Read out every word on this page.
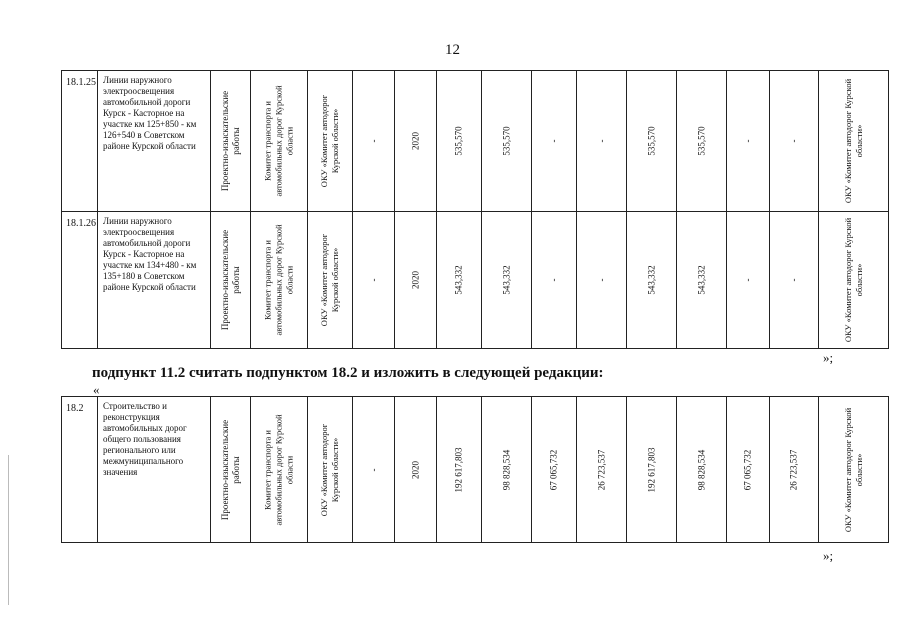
12
18.1.25	Линии наружного электроосвещения автомобильной дороги Курск - Касторное на участке км 125+850 - км 126+540 в Советском районе Курской области	Проектно-изыскательские работы	Комитет транспорта и автомобильных дорог Курской области	ОКУ «Комитет автодорог Курской области»	-	2020	535,570	535,570	-	-	535,570	535,570	-	-	ОКУ «Комитет автодорог Курской области»

18.1.26	Линии наружного электроосвещения автомобильной дороги Курск - Касторное на участке км 134+480 - км 135+180 в Советском районе Курской области	Проектно-изыскательские работы	Комитет транспорта и автомобильных дорог Курской области	ОКУ «Комитет автодорог Курской области»	-	2020	543,332	543,332	-	-	543,332	543,332	-	-	ОКУ «Комитет автодорог Курской области»
»;
подпункт 11.2 считать подпунктом 18.2 и изложить в следующей редакции:
«
18.2	Строительство и реконструкция автомобильных дорог общего пользования регионального или межмуниципального значения	Проектно-изыскательские работы	Комитет транспорта и автомобильных дорог Курской области	ОКУ «Комитет автодорог Курской области»	-	2020	192 617,803	98 828,534	67 065,732	26 723,537	192 617,803	98 828,534	67 065,732	26 723,537	ОКУ «Комитет автодорог Курской области»
»;
